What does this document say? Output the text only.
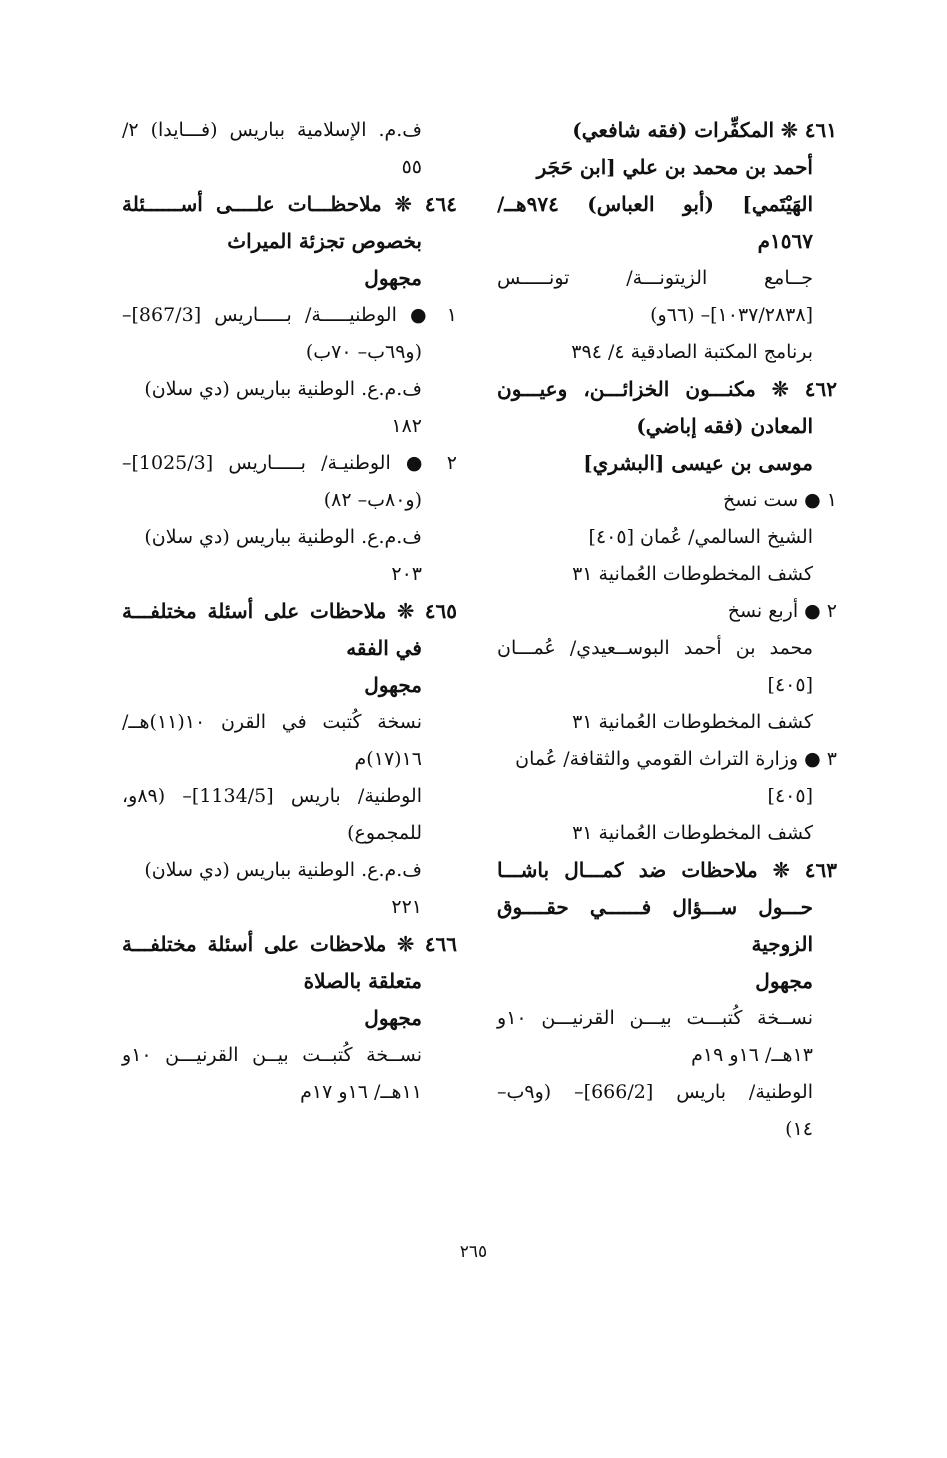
٤٦١ ❊ المكفِّرات (فقه شافعي)
أحمد بن محمد بن علي [ابن حَجَر
الهَيْتَمي] (أبو العباس) ٩٧٤هــ/
١٥٦٧م
جــامع الزيتونـــة/ تونـــــس
[١٠٣٧/٢٨٣٨]– (٦٦و)
برنامج المكتبة الصادقية ٤/ ٣٩٤
٤٦٢ ❊ مكنـــون الخزائـــن، وعيـــون
المعادن (فقه إباضي)
موسى بن عيسى [البشري]
١ ● ست نسخ
الشيخ السالمي/ عُمان [٤٠٥]
كشف المخطوطات العُمانية ٣١
٢ ● أربع نسخ
محمد بن أحمد البوســعيدي/ عُمـــان
[٤٠٥]
كشف المخطوطات العُمانية ٣١
٣ ● وزارة التراث القومي والثقافة/ عُمان
[٤٠٥]
كشف المخطوطات العُمانية ٣١
٤٦٣ ❊ ملاحظات ضد كمـــال باشـــا
حـــول ســـؤال فــــــي حقــــوق
الزوجية
مجهول
نســخة كُتبـــت بيـــن القرنيـــن ١٠و
١٣هــ/ ١٦و ١٩م
الوطنية/ باريس [666/2]– (و٩ب–
١٤)
ف.م. الإسلامية بباريس (فـــايدا) ٢/
٥٥
٤٦٤ ❊ ملاحظـــات علــــى أســــــئلة
بخصوص تجزئة الميراث
مجهول
١ ● الوطنيـــــة/ بـــــاريس [867/3]–
(و٦٩ب– ٧٠ب)
ف.م.ع. الوطنية بباريس (دي سلان)
١٨٢
٢ ● الوطنيـة/ بـــــاريس [1025/3]–
(و٨٠ب– ٨٢)
ف.م.ع. الوطنية بباريس (دي سلان)
٢٠٣
٤٦٥ ❊ ملاحظات على أسئلة مختلفـــة
في الفقه
مجهول
نسخة كُتبت في القرن ١٠(١١)هــ/
١٦(١٧)م
الوطنية/ باريس [1134/5]– (٨٩و،
للمجموع)
ف.م.ع. الوطنية بباريس (دي سلان)
٢٢١
٤٦٦ ❊ ملاحظات على أسئلة مختلفـــة
متعلقة بالصلاة
مجهول
نســخة كُتبــت بيــن القرنيـــن ١٠و
١١هــ/ ١٦و ١٧م
٢٦٥
